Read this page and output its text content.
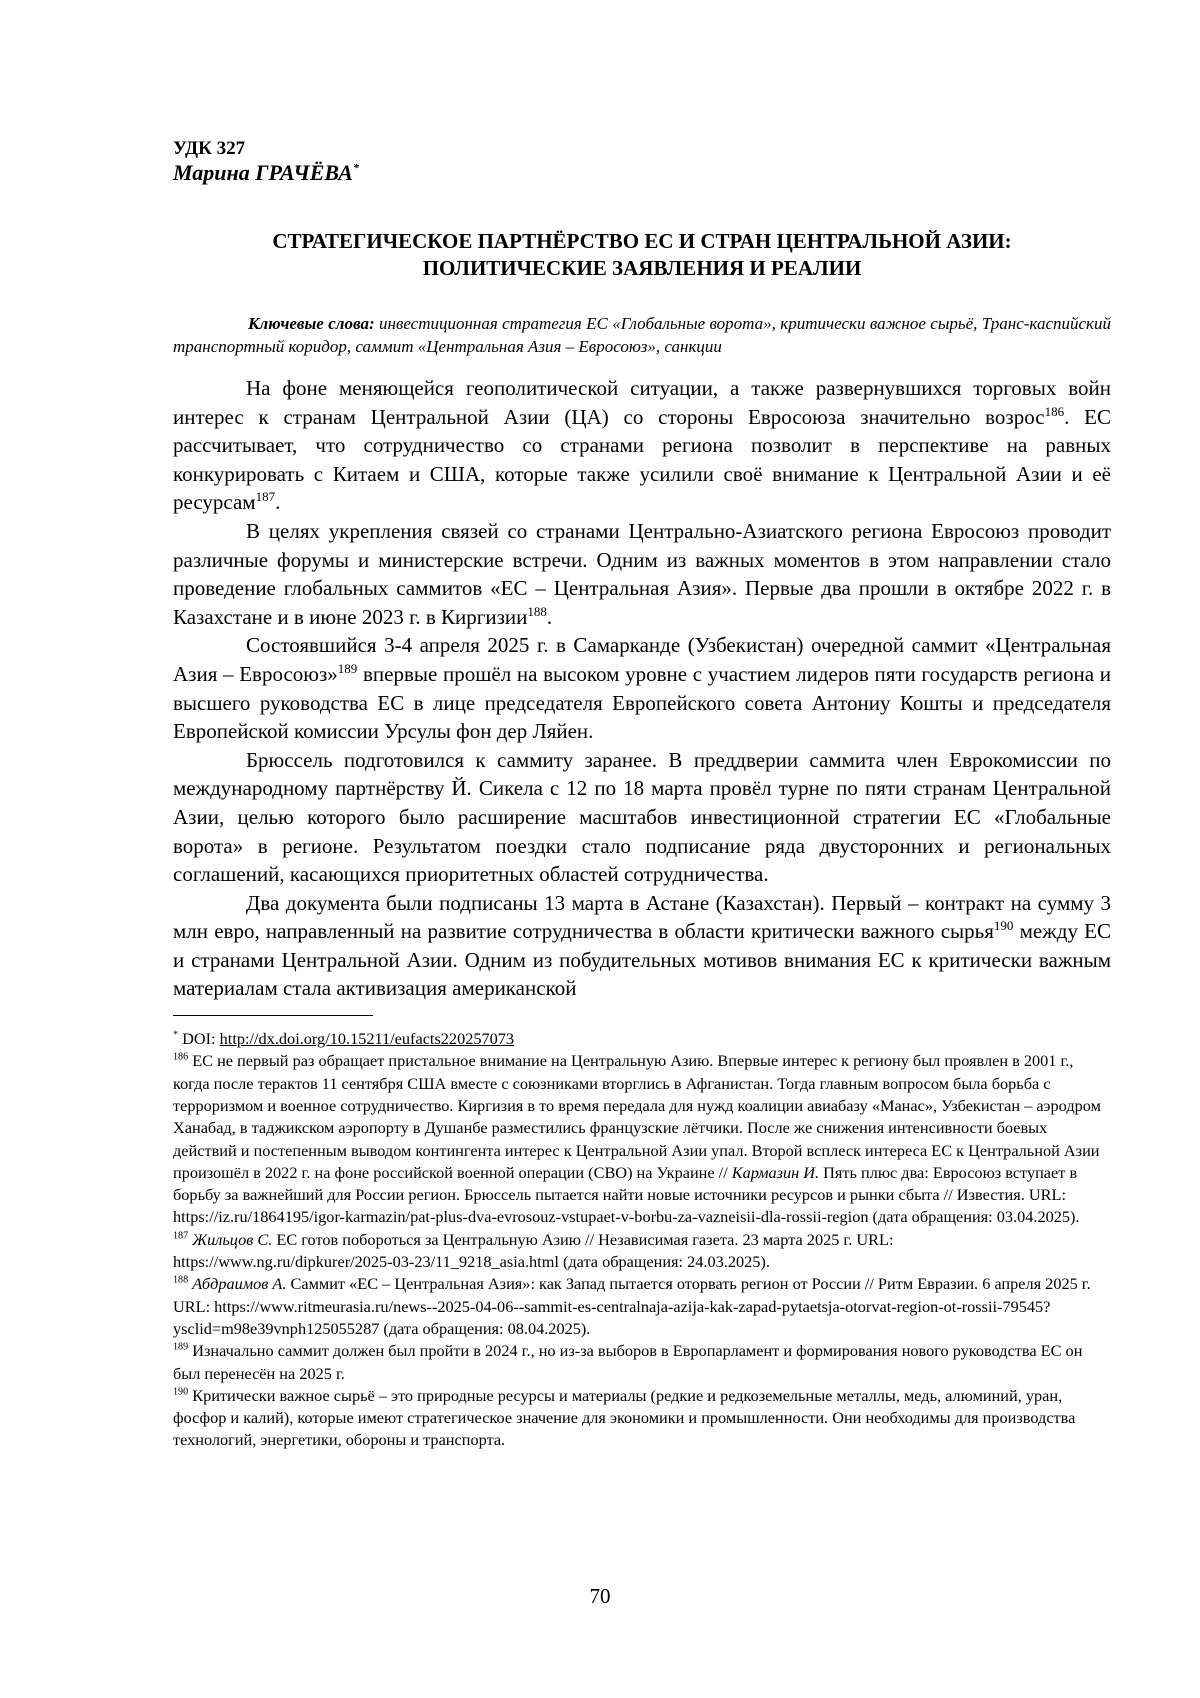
УДК 327

Марина ГРАЧЁВА*

СТРАТЕГИЧЕСКОЕ ПАРТНЁРСТВО ЕС И СТРАН ЦЕНТРАЛЬНОЙ АЗИИ:
ПОЛИТИЧЕСКИЕ ЗАЯВЛЕНИЯ И РЕАЛИИ

Ключевые слова: инвестиционная стратегия ЕС «Глобальные ворота», критически важное сырьё, Транс-каспийский транспортный коридор, саммит «Центральная Азия – Евросоюз», санкции

На фоне меняющейся геополитической ситуации, а также развернувшихся торговых войн интерес к странам Центральной Азии (ЦА) со стороны Евросоюза значительно возрос$^{186}$. ЕС рассчитывает, что сотрудничество со странами региона позволит в перспективе на равных конкурировать с Китаем и США, которые также усилили своё внимание к Центральной Азии и её ресурсам$^{187}$.

В целях укрепления связей со странами Центрально-Азиатского региона Евросоюз проводит различные форумы и министерские встречи. Одним из важных моментов в этом направлении стало проведение глобальных саммитов «ЕС – Центральная Азия». Первые два прошли в октябре 2022 г. в Казахстане и в июне 2023 г. в Киргизии$^{188}$.

Состоявшийся 3-4 апреля 2025 г. в Самарканде (Узбекистан) очередной саммит «Центральная Азия – Евросоюз»$^{189}$ впервые прошёл на высоком уровне с участием лидеров пяти государств региона и высшего руководства ЕС в лице председателя Европейского совета Антониу Кошты и председателя Европейской комиссии Урсулы фон дер Ляйен.

Брюссель подготовился к саммиту заранее. В преддверии саммита член Еврокомиссии по международному партнёрству Й. Сикела с 12 по 18 марта провёл турне по пяти странам Центральной Азии, целью которого было расширение масштабов инвестиционной стратегии ЕС «Глобальные ворота» в регионе. Результатом поездки стало подписание ряда двусторонних и региональных соглашений, касающихся приоритетных областей сотрудничества.

Два документа были подписаны 13 марта в Астане (Казахстан). Первый – контракт на сумму 3 млн евро, направленный на развитие сотрудничества в области критически важного сырья$^{190}$ между ЕС и странами Центральной Азии. Одним из побудительных мотивов внимания ЕС к критически важным материалам стала активизация американской

* DOI: http://dx.doi.org/10.15211/eufacts220257073

$^{186}$ ЕС не первый раз обращает пристальное внимание на Центральную Азию. Впервые интерес к региону был проявлен в 2001 г., когда после терактов 11 сентября США вместе с союзниками вторглись в Афганистан. Тогда главным вопросом была борьба с терроризмом и военное сотрудничество. Киргизия в то время передала для нужд коалиции авиабазу «Манас», Узбекистан – аэродром Ханабад, в таджикском аэропорту в Душанбе разместились французские лётчики. После же снижения интенсивности боевых действий и постепенным выводом контингента интерес к Центральной Азии упал. Второй всплеск интереса ЕС к Центральной Азии произошёл в 2022 г. на фоне российской военной операции (СВО) на Украине // Кармазин И. Пять плюс два: Евросоюз вступает в борьбу за важнейший для России регион. Брюссель пытается найти новые источники ресурсов и рынки сбыта // Известия. URL: https://iz.ru/1864195/igor-karmazin/pat-plus-dva-evrosouz-vstupaet-v-borbu-za-vazneisii-dla-rossii-region (дата обращения: 03.04.2025).

$^{187}$ Жильцов С. ЕС готов побороться за Центральную Азию // Независимая газета. 23 марта 2025 г. URL: https://www.ng.ru/dipkurer/2025-03-23/11_9218_asia.html (дата обращения: 24.03.2025).

$^{188}$ Абдраимов А. Саммит «ЕС – Центральная Азия»: как Запад пытается оторвать регион от России // Ритм Евразии. 6 апреля 2025 г. URL: https://www.ritmeurasia.ru/news--2025-04-06--sammit-es-centralnaja-azija-kak-zapad-pytaetsja-otorvat-region-ot-rossii-79545?ysclid=m98e39vnph125055287 (дата обращения: 08.04.2025).

$^{189}$ Изначально саммит должен был пройти в 2024 г., но из-за выборов в Европарламент и формирования нового руководства ЕС он был перенесён на 2025 г.

$^{190}$ Критически важное сырьё – это природные ресурсы и материалы (редкие и редкоземельные металлы, медь, алюминий, уран, фосфор и калий), которые имеют стратегическое значение для экономики и промышленности. Они необходимы для производства технологий, энергетики, обороны и транспорта.

70
